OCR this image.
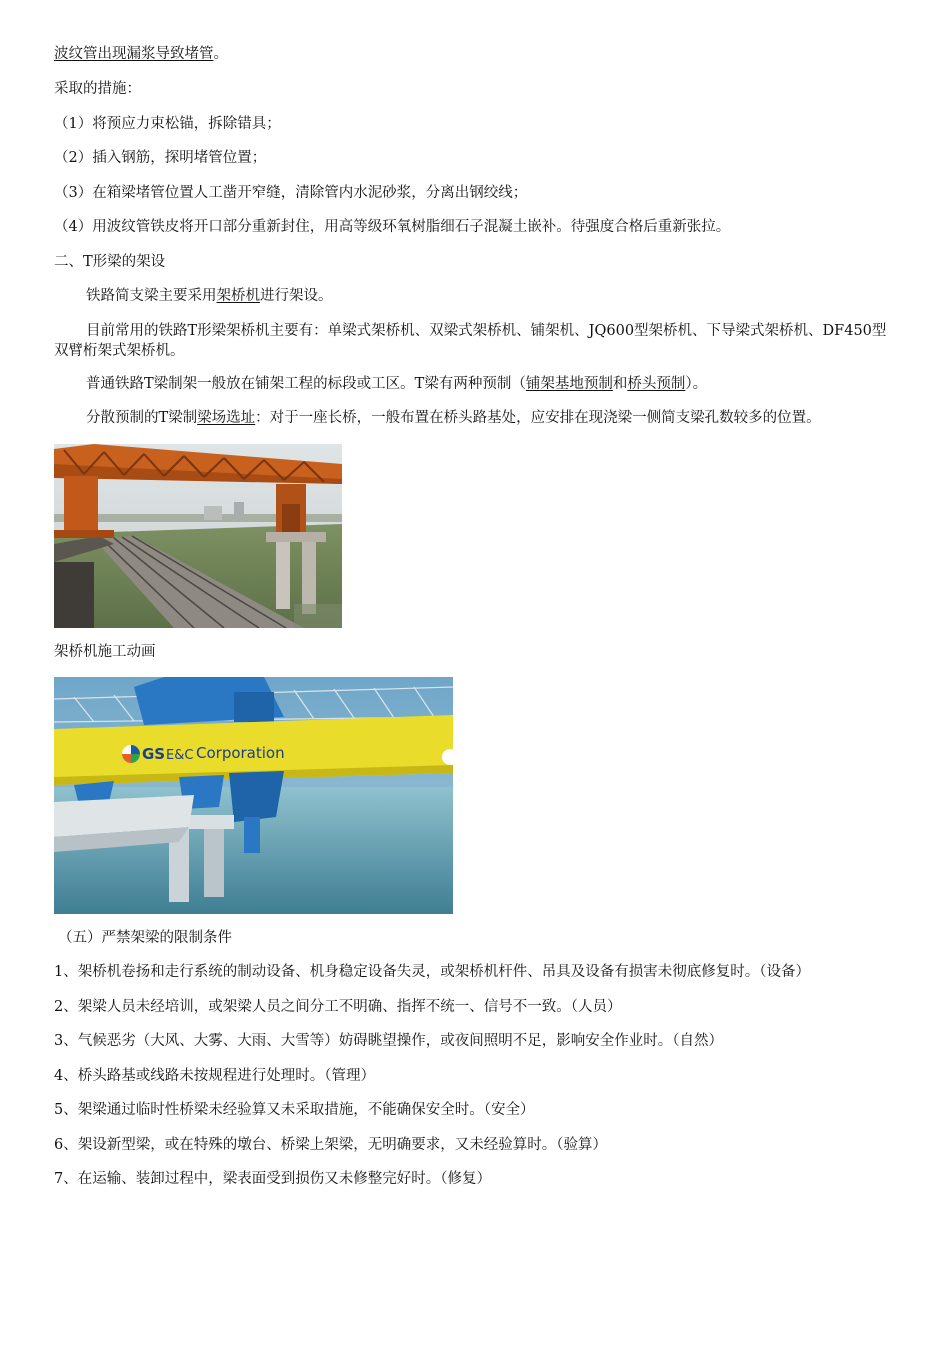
波纹管出现漏浆导致堵管。
采取的措施：
（1）将预应力束松锚，拆除错具；
（2）插入钢筋，探明堵管位置；
（3）在箱梁堵管位置人工凿开窄缝，清除管内水泥砂浆，分离出钢绞线；
（4）用波纹管铁皮将开口部分重新封住，用高等级环氧树脂细石子混凝土嵌补。待强度合格后重新张拉。
二、T形梁的架设
铁路简支梁主要采用架桥机进行架设。
目前常用的铁路T形梁架桥机主要有：单梁式架桥机、双梁式架桥机、铺架机、JQ600型架桥机、下导梁式架桥机、DF450型双臂桁架式架桥机。
普通铁路T梁制架一般放在铺架工程的标段或工区。T梁有两种预制（铺架基地预制和桥头预制）。
分散预制的T梁制梁场选址：对于一座长桥，一般布置在桥头路基处，应安排在现浇梁一侧简支梁孔数较多的位置。
架桥机施工动画
GS E&C Corporation
（五）严禁架梁的限制条件
1、架桥机卷扬和走行系统的制动设备、机身稳定设备失灵，或架桥机杆件、吊具及设备有损害未彻底修复时。（设备）
2、架梁人员未经培训，或架梁人员之间分工不明确、指挥不统一、信号不一致。（人员）
3、气候恶劣（大风、大雾、大雨、大雪等）妨碍眺望操作，或夜间照明不足，影响安全作业时。（自然）
4、桥头路基或线路未按规程进行处理时。（管理）
5、架梁通过临时性桥梁未经验算又未采取措施，不能确保安全时。（安全）
6、架设新型梁，或在特殊的墩台、桥梁上架梁，无明确要求，又未经验算时。（验算）
7、在运输、装卸过程中，梁表面受到损伤又未修整完好时。（修复）
